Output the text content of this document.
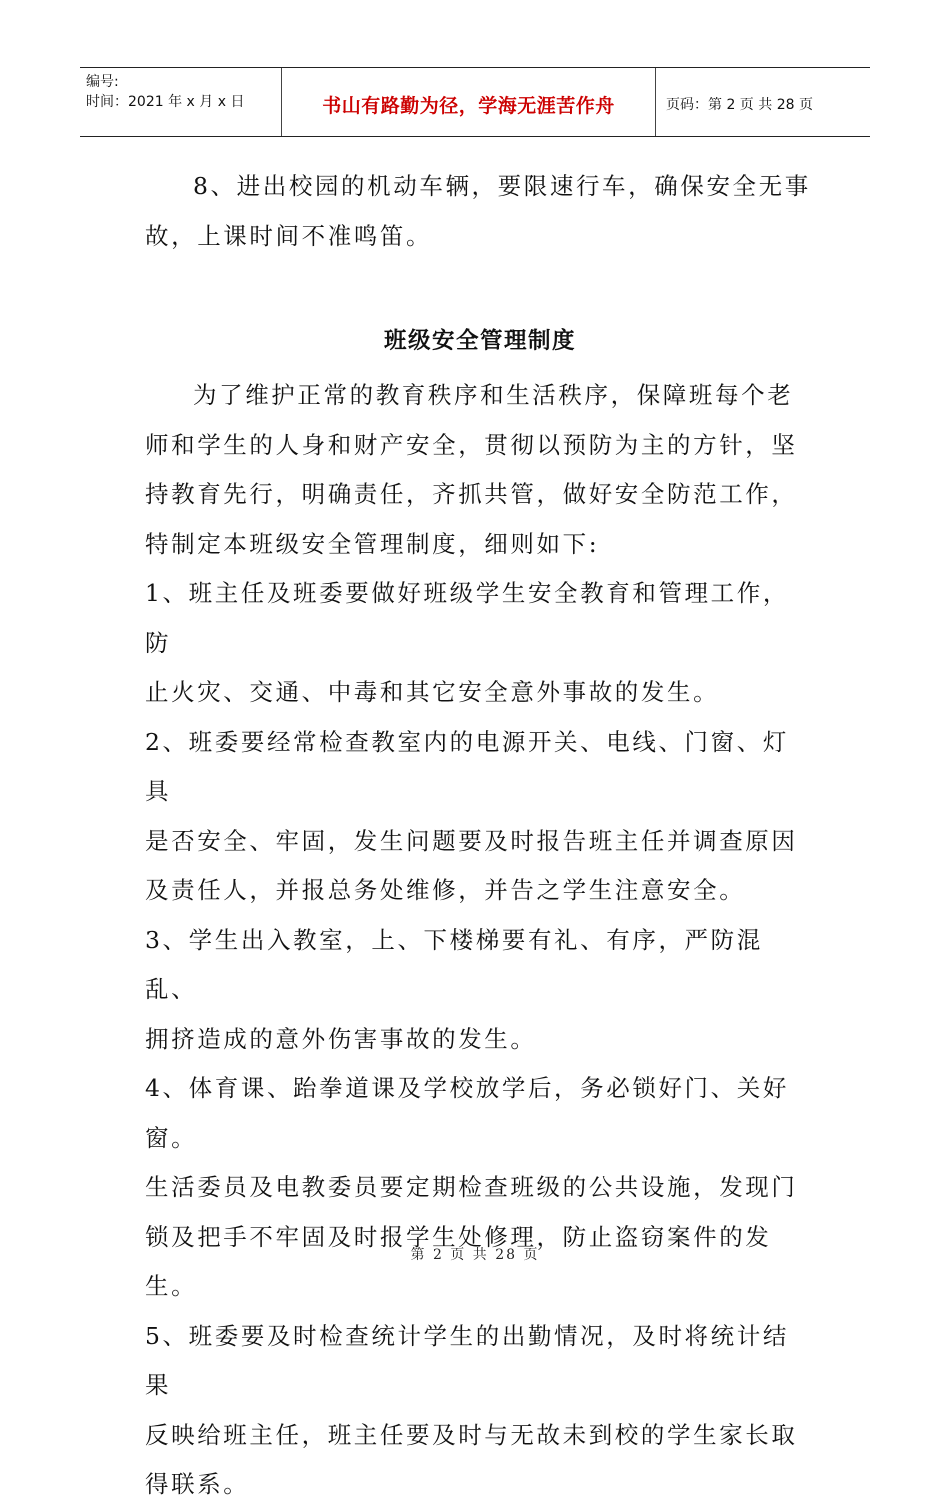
编号:
时间：2021 年 x 月 x 日	书山有路勤为径，学海无涯苦作舟	页码：第 2 页 共 28 页

8、进出校园的机动车辆，要限速行车，确保安全无事

故，上课时间不准鸣笛。

班级安全管理制度

为了维护正常的教育秩序和生活秩序，保障班每个老

师和学生的人身和财产安全，贯彻以预防为主的方针，坚

持教育先行，明确责任，齐抓共管，做好安全防范工作，

特制定本班级安全管理制度，细则如下:

1、班主任及班委要做好班级学生安全教育和管理工作，防

止火灾、交通、中毒和其它安全意外事故的发生。

2、班委要经常检查教室内的电源开关、电线、门窗、灯具

是否安全、牢固，发生问题要及时报告班主任并调查原因

及责任人，并报总务处维修，并告之学生注意安全。

3、学生出入教室，上、下楼梯要有礼、有序，严防混乱、

拥挤造成的意外伤害事故的发生。

4、体育课、跆拳道课及学校放学后，务必锁好门、关好窗。

生活委员及电教委员要定期检查班级的公共设施，发现门

锁及把手不牢固及时报学生处修理，防止盗窃案件的发生。

5、班委要及时检查统计学生的出勤情况，及时将统计结果

反映给班主任，班主任要及时与无故未到校的学生家长取

得联系。

第 2 页 共 28 页
